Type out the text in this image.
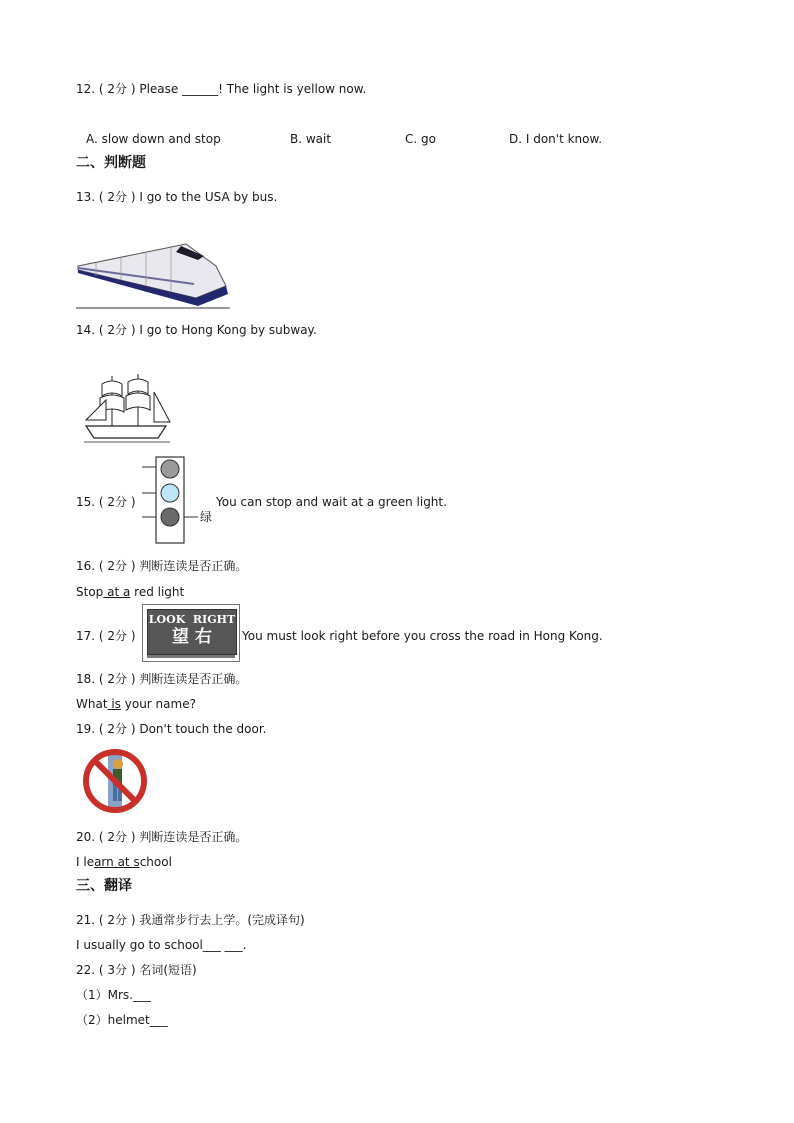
12. ( 2分 ) Please ______! The light is yellow now.
A. slow down and stop	B. wait	C. go	D. I don't know.
二、判断题
13. ( 2分 ) I go to the USA by bus.
14. ( 2分 ) I go to Hong Kong by subway.
15. ( 2分 )
绿
You can stop and wait at a green light.
16. ( 2分 ) 判断连读是否正确。
Stop at a red light
17. ( 2分 )
LOOK  RIGHT
望 右	You must look right before you cross the road in Hong Kong.
18. ( 2分 ) 判断连读是否正确。
What is your name?
19. ( 2分 ) Don't touch the door.
20. ( 2分 ) 判断连读是否正确。
I learn at school
三、翻译
21. ( 2分 ) 我通常步行去上学。(完成译句)
I usually go to school___ ___.
22. ( 3分 ) 名词(短语)
（1）Mrs.___
（2）helmet___
